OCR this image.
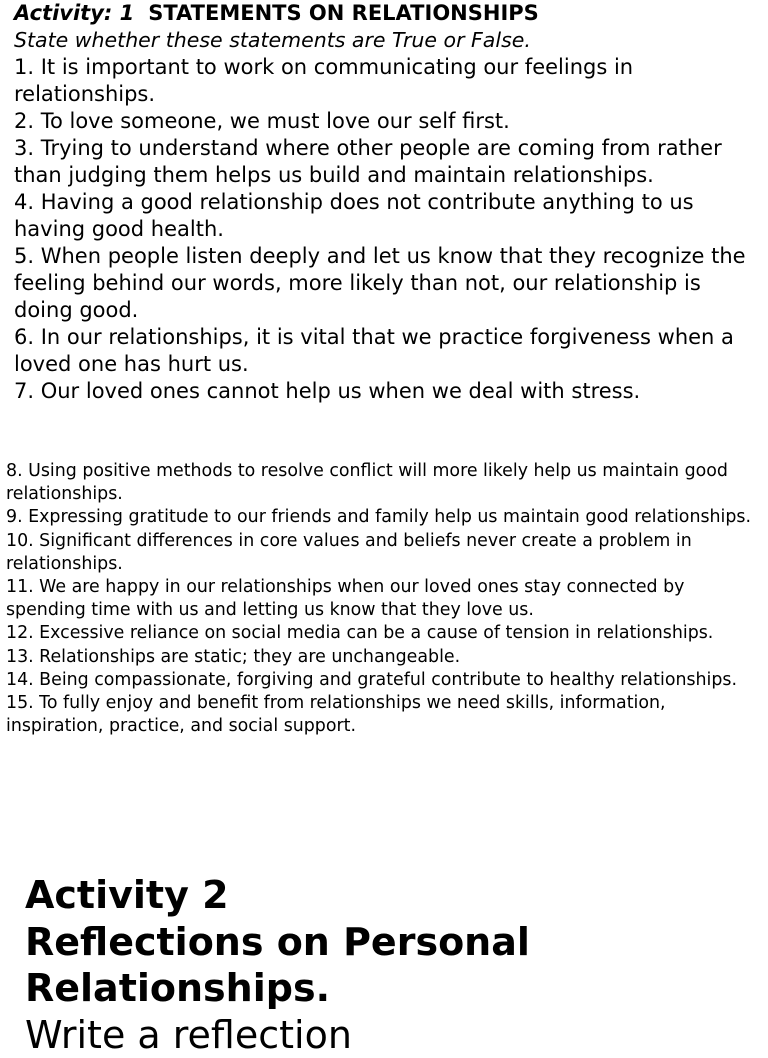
Activity: 1 STATEMENTS ON RELATIONSHIPS
State whether these statements are True or False.
1. It is important to work on communicating our feelings in relationships.
2. To love someone, we must love our self first.
3. Trying to understand where other people are coming from rather than judging them helps us build and maintain relationships.
4. Having a good relationship does not contribute anything to us having good health.
5. When people listen deeply and let us know that they recognize the feeling behind our words, more likely than not, our relationship is doing good.
6. In our relationships, it is vital that we practice forgiveness when a loved one has hurt us.
7. Our loved ones cannot help us when we deal with stress.
8. Using positive methods to resolve conflict will more likely help us maintain good relationships.
9. Expressing gratitude to our friends and family help us maintain good relationships.
10. Significant differences in core values and beliefs never create a problem in relationships.
11. We are happy in our relationships when our loved ones stay connected by spending time with us and letting us know that they love us.
12. Excessive reliance on social media can be a cause of tension in relationships.
13. Relationships are static; they are unchangeable.
14. Being compassionate, forgiving and grateful contribute to healthy relationships.
15. To fully enjoy and benefit from relationships we need skills, information, inspiration, practice, and social support.
Activity 2
Reflections on Personal Relationships.
Write a reflection
